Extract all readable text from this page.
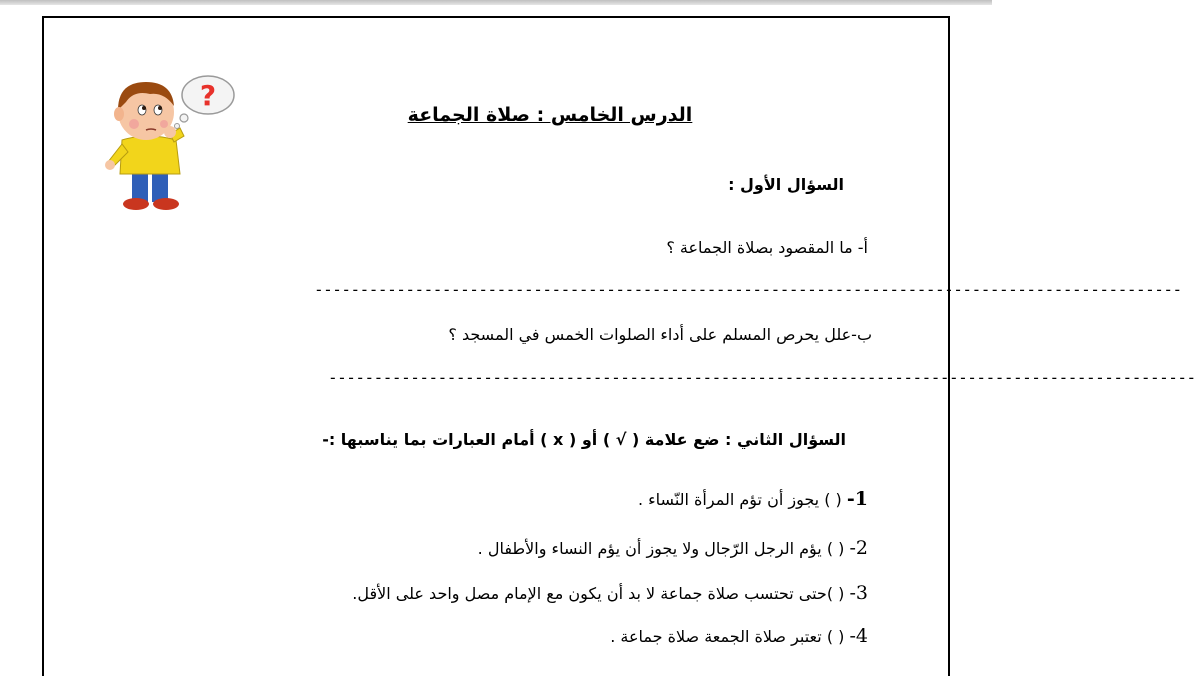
?
الدرس الخامس : صلاة الجماعة
السؤال الأول :
أ- ما المقصود بصلاة الجماعة ؟
-----------------------------------------------------------------------------------------------
ب-علل يحرص المسلم على أداء الصلوات الخمس في المسجد ؟
-----------------------------------------------------------------------------------------------
السؤال الثاني : ضع علامة ( √ ) أو ( x ) أمام العبارات بما يناسبها :-
1- ( ) يجوز أن تؤم المرأة النّساء .
2- ( ) يؤم الرجل الرّجال ولا يجوز أن يؤم النساء والأطفال .
3- ( )حتى تحتسب صلاة جماعة لا بد أن يكون مع الإمام مصل واحد على الأقل.
4- ( ) تعتبر صلاة الجمعة صلاة جماعة .
